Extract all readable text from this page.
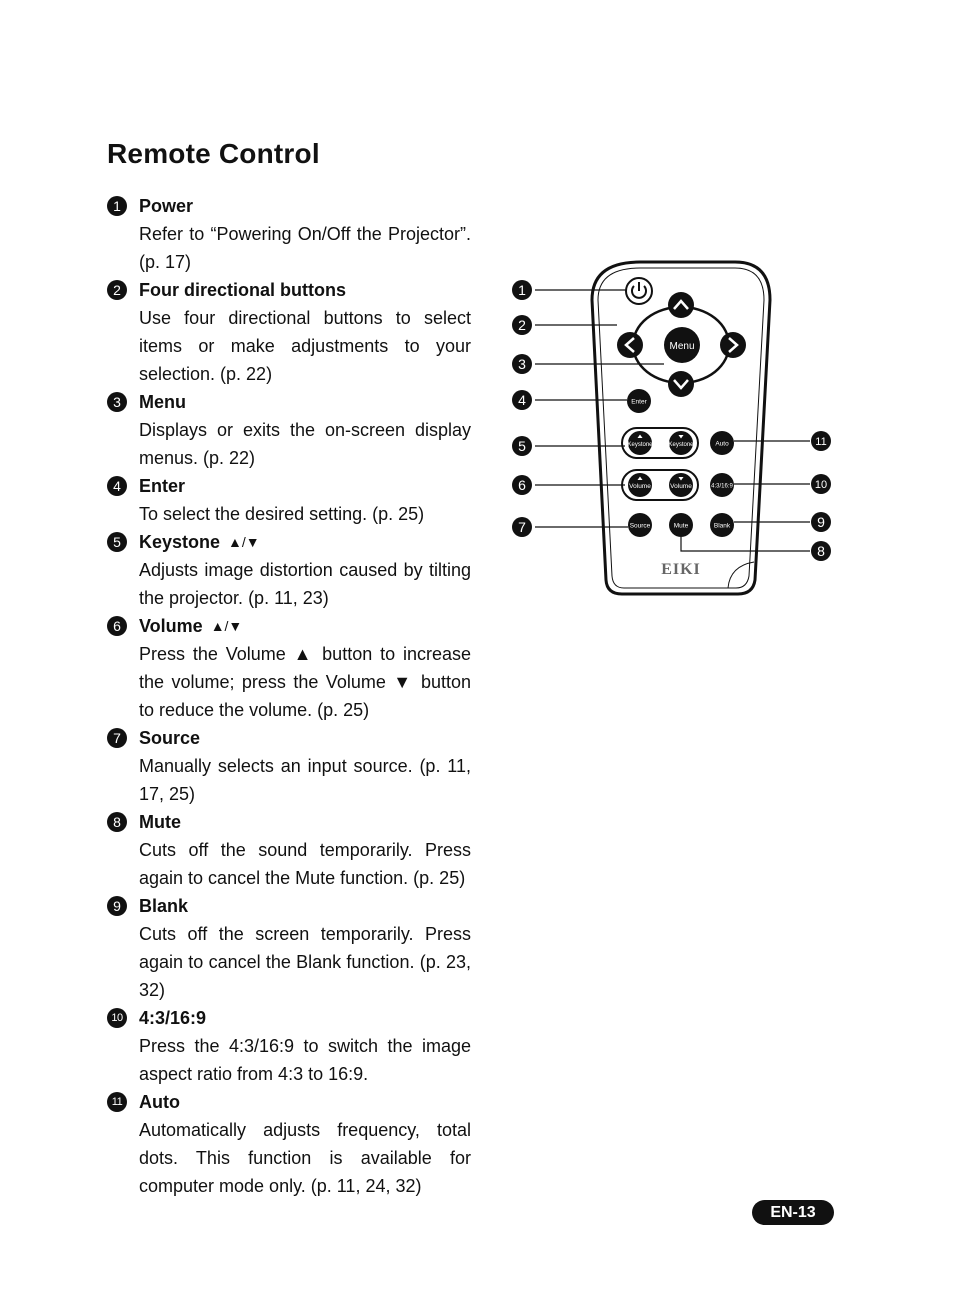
Remote Control
1	Power

Refer to “Powering On/Off the Projector”. (p. 17)

2	Four directional buttons

Use four directional buttons to select items or make adjustments to your selection. (p. 22)

3	Menu

Displays or exits the on-screen display menus. (p. 22)

4	Enter

To select the desired setting. (p. 25)

5	Keystone ▲/▼

Adjusts image distortion caused by tilting the projector. (p. 11, 23)

6	Volume ▲/▼

Press the Volume ▲ button to increase the volume; press the Volume ▼ button to reduce the volume. (p. 25)

7	Source

Manually selects an input source. (p. 11, 17, 25)

8	Mute

Cuts off the sound temporarily. Press again to cancel the Mute function. (p. 25)

9	Blank

Cuts off the screen temporarily. Press again to cancel the Blank function. (p. 23, 32)

10 4:3/16:9

Press the 4:3/16:9 to switch the image aspect ratio from 4:3 to 16:9.

11 Auto

Automatically adjusts frequency, total dots. This function is available for computer mode only. (p. 11, 24, 32)

Menu
Enter
Keystone	Keystone	Auto
Volume	Volume	4:3/16:9
Source	Mute	Blank
EIKI
1
2
3
4
5
6
7
11
10
9
8
EN-13
